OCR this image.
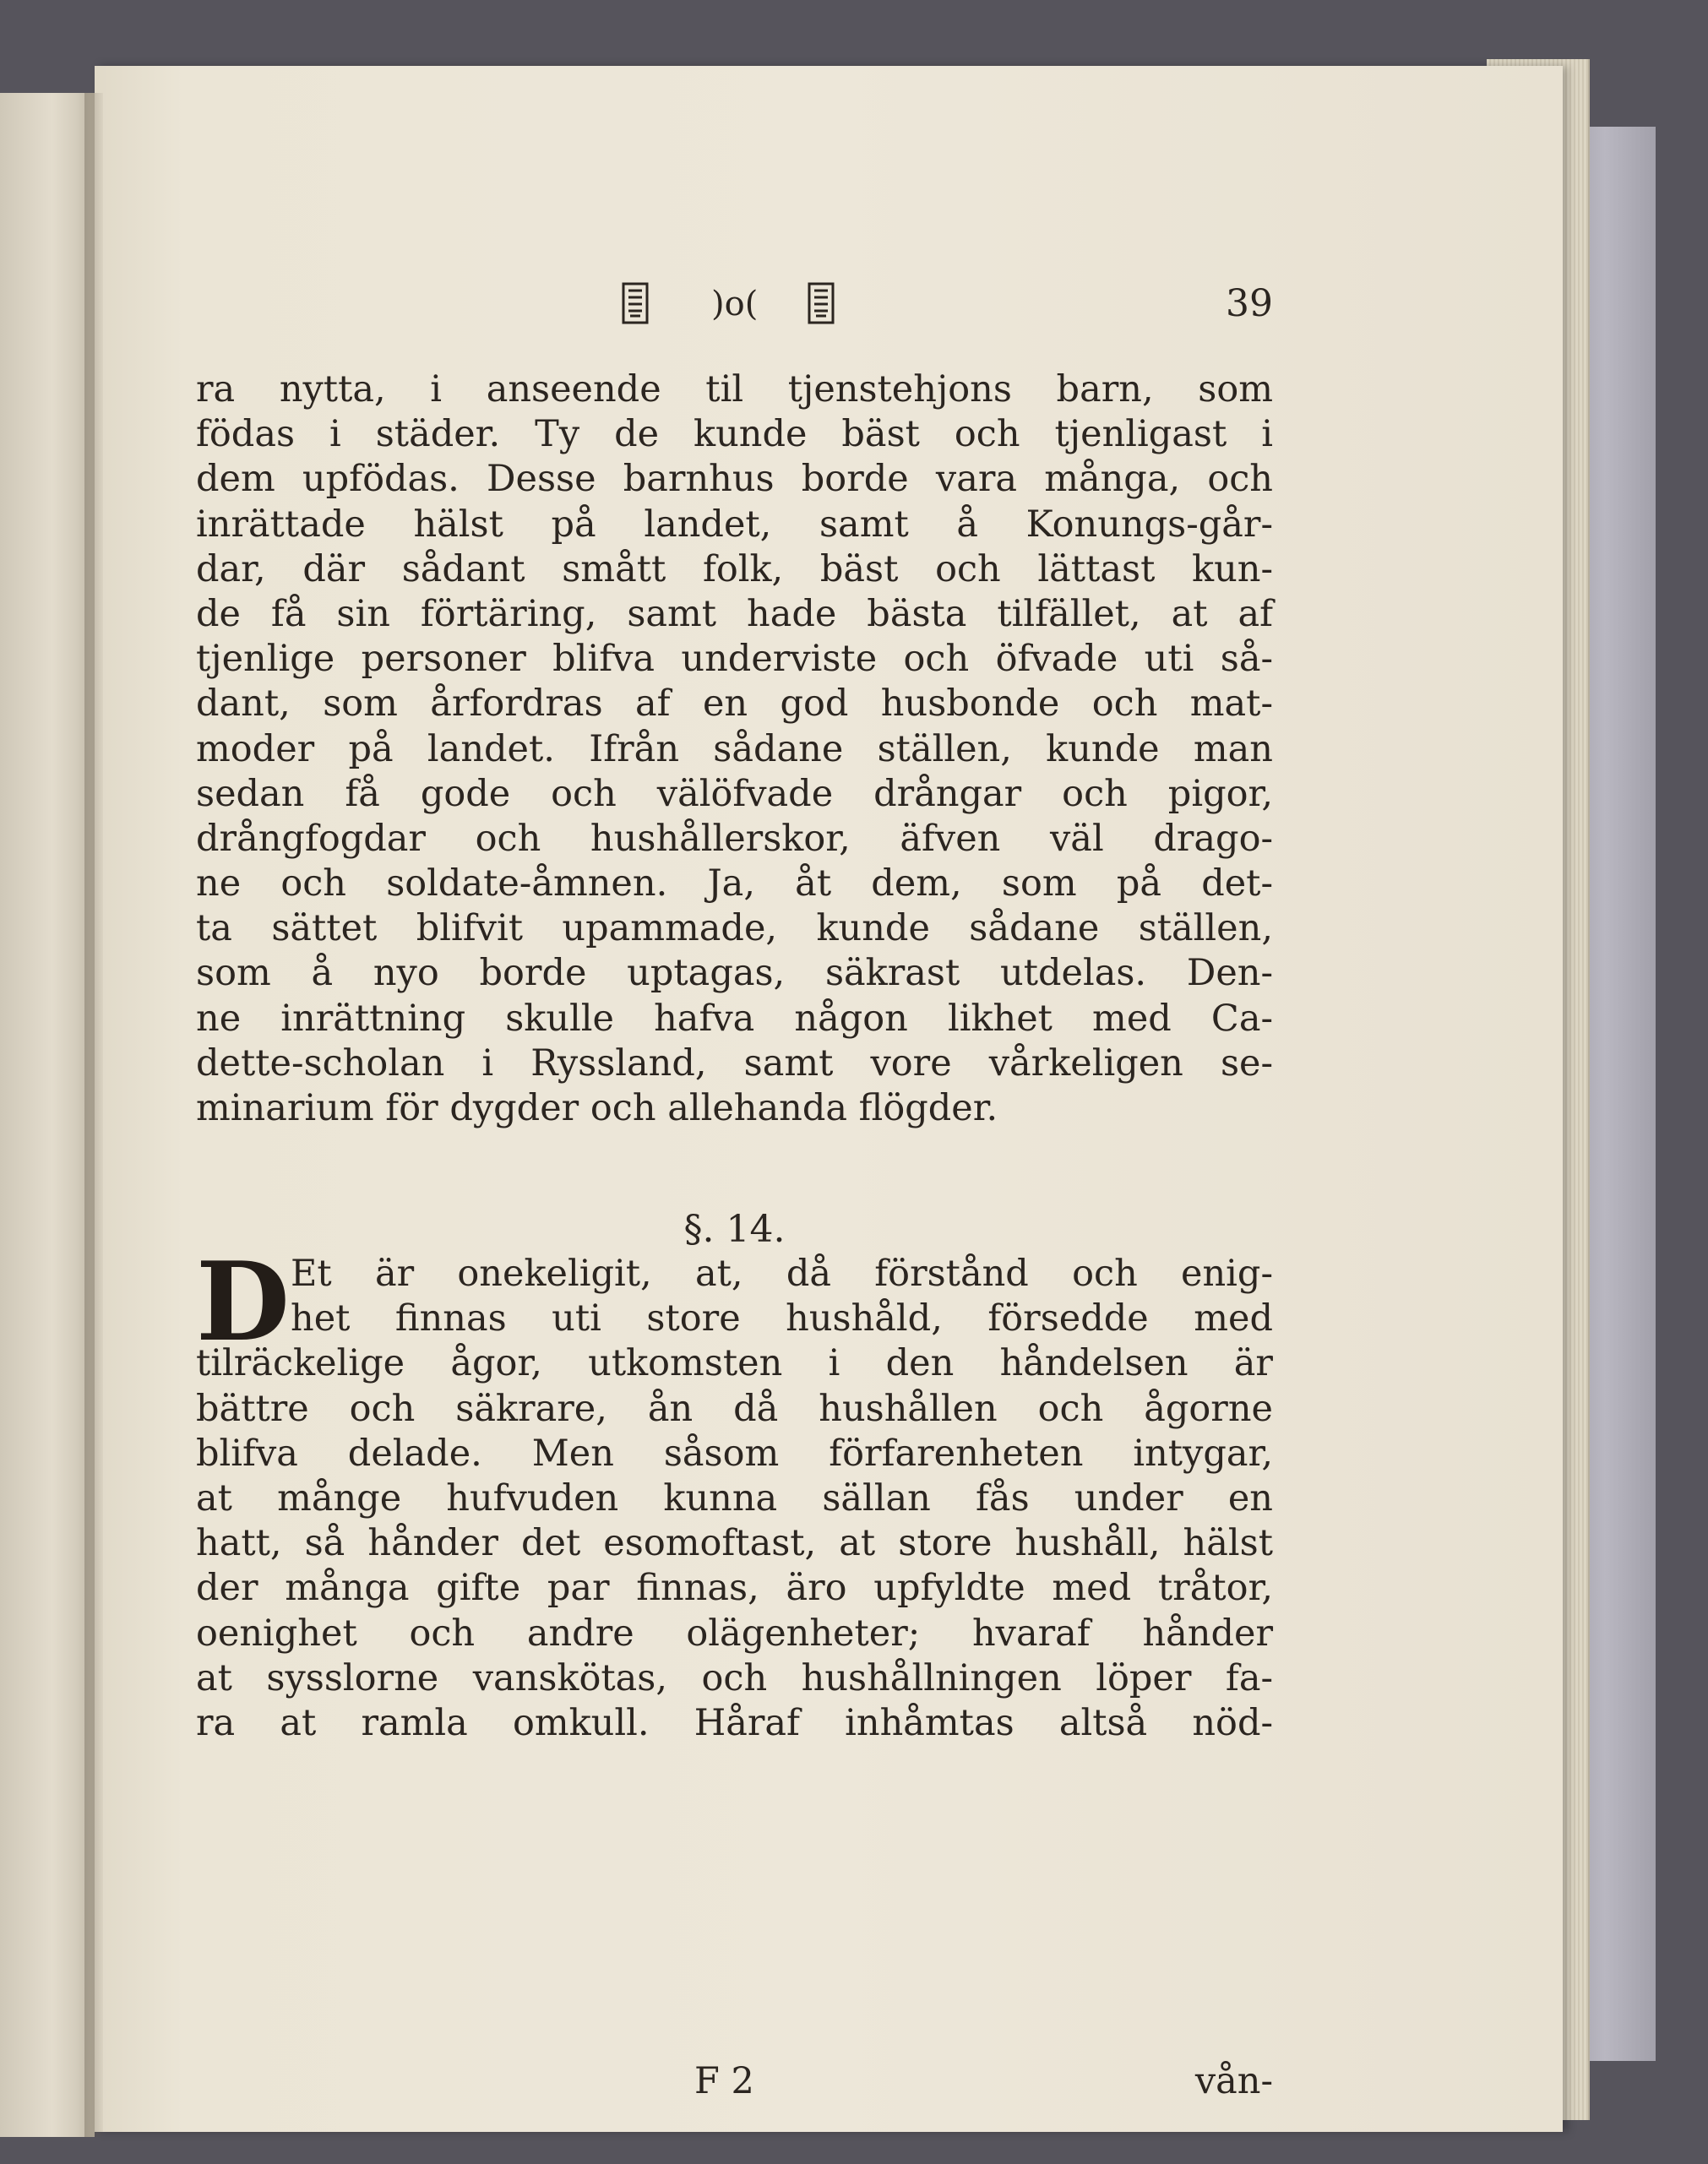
)o(	39
ra nytta, i anseende til tjenstehjons barn, som
födas i städer. Ty de kunde bäst och tjenligast i
dem upfödas. Desse barnhus borde vara många, och
inrättade hälst på landet, samt å Konungs-går-
dar, där sådant smått folk, bäst och lättast kun-
de få sin förtäring, samt hade bästa tilfället, at af
tjenlige personer blifva underviste och öfvade uti så-
dant, som årfordras af en god husbonde och mat-
moder på landet. Ifrån sådane ställen, kunde man
sedan få gode och välöfvade drångar och pigor,
drångfogdar och hushållerskor, äfven väl drago-
ne och soldate-åmnen. Ja, åt dem, som på det-
ta sättet blifvit upammade, kunde sådane ställen,
som å nyo borde uptagas, säkrast utdelas. Den-
ne inrättning skulle hafva någon likhet med Ca-
dette-scholan i Ryssland, samt vore vårkeligen se-
minarium för dygder och allehanda flögder.
§. 14.
D Et är onekeligit, at, då förstånd och enig-
het finnas uti store hushåld, försedde med
tilräckelige ågor, utkomsten i den håndelsen är
bättre och säkrare, ån då hushållen och ågorne
blifva delade. Men såsom förfarenheten intygar,
at månge hufvuden kunna sällan fås under en
hatt, så hånder det esomoftast, at store hushåll, hälst
der många gifte par finnas, äro upfyldte med tråtor,
oenighet och andre olägenheter; hvaraf hånder
at sysslorne vanskötas, och hushållningen löper fa-
ra at ramla omkull. Håraf inhåmtas altså nöd-
F 2	vån-
